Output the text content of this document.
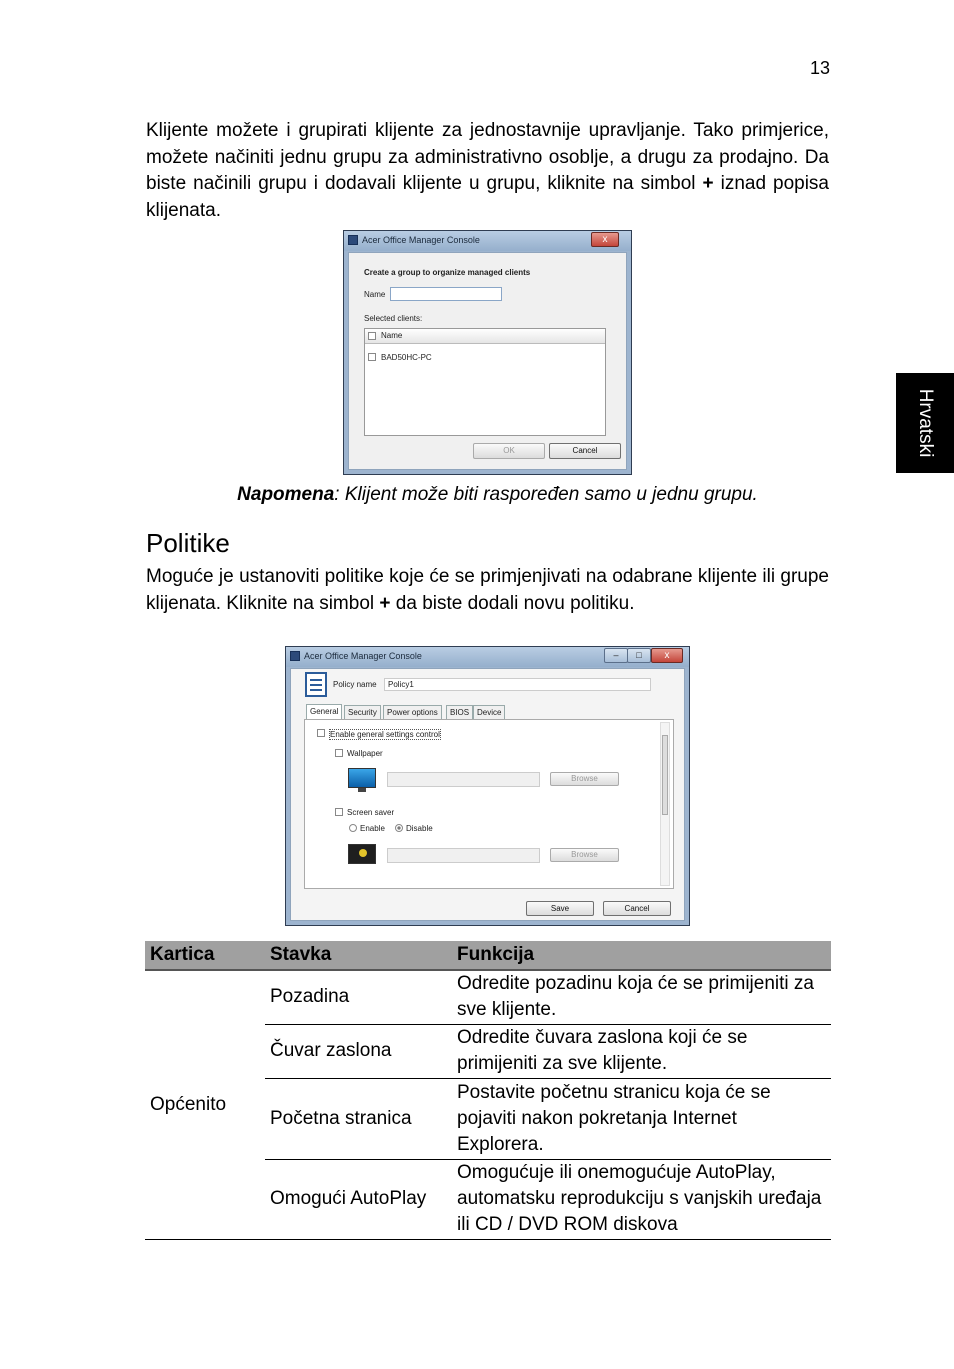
13
Hrvatski

Klijente možete i grupirati klijente za jednostavnije upravljanje. Tako primjerice, možete načiniti jednu grupu za administrativno osoblje, a drugu za prodajno. Da biste načinili grupu i dodavali klijente u grupu, kliknite na simbol + iznad popisa klijenata.

Acer Office Manager Console	x
Create a group to organize managed clients
Name
Selected clients:
Name
BAD50HC-PC
OK	Cancel
Napomena: Klijent može biti raspoređen samo u jednu grupu.
Politike

Moguće je ustanoviti politike koje će se primjenjivati na odabrane klijente ili grupe klijenata. Kliknite na simbol + da biste dodali novu politiku.

Acer Office Manager Console	–	□	x
Policy name Policy1
General	Security	Power options	BIOS Device
Enable general settings control
Wallpaper
Browse
Screen saver
Enable	Disable
Browse
Save	Cancel
Kartica	Stavka	Funkcija
Općenito	Pozadina	Odredite pozadinu koja će se primijeniti za sve klijente.
	Čuvar zaslona	Odredite čuvara zaslona koji će se primijeniti za sve klijente.
	Početna stranica	Postavite početnu stranicu koja će se pojaviti nakon pokretanja Internet Explorera.
	Omogući AutoPlay	Omogućuje ili onemogućuje AutoPlay, automatsku reprodukciju s vanjskih uređaja ili CD / DVD ROM diskova
